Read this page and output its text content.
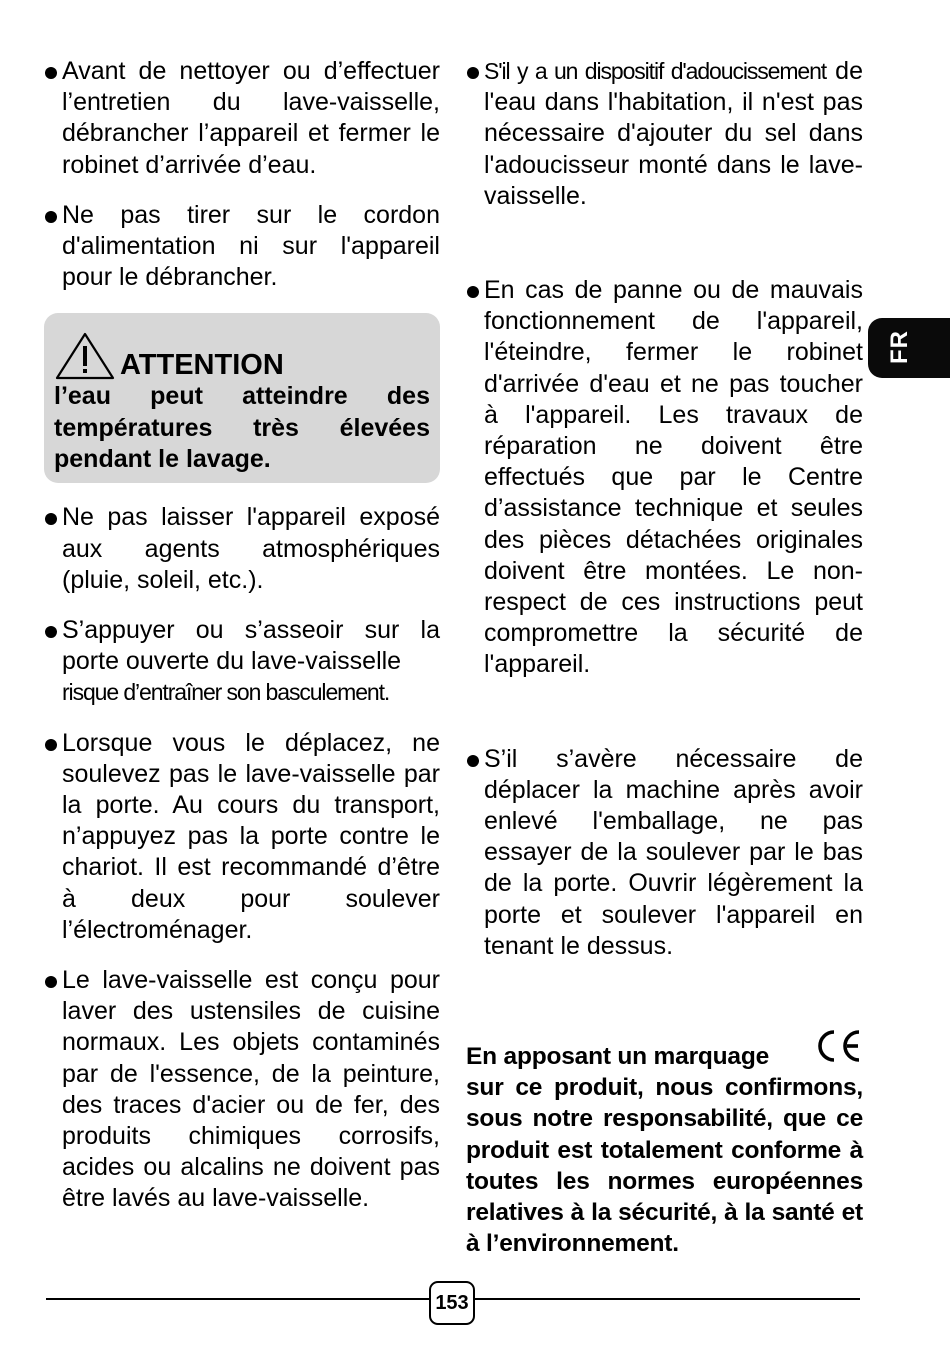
FR

Avant de nettoyer ou d’effectuer l’entretien du lave-vaisselle, débrancher l’appareil et fermer le robinet d’arrivée d’eau.

Ne pas tirer sur le cordon d'alimentation ni sur l'appareil pour le débrancher.

ATTENTION

l’eau peut atteindre des températures très élevées pendant le lavage.

Ne pas laisser l'appareil exposé aux agents atmosphériques (pluie, soleil, etc.).

S’appuyer ou s’asseoir sur la porte ouverte du lave-vaisselle
risque d’entraîner son basculement.

Lorsque vous le déplacez, ne soulevez pas le lave-vaisselle par la porte. Au cours du transport, n’appuyez pas la porte contre le chariot. Il est recommandé d’être à deux pour soulever l’électroménager.

Le lave-vaisselle est conçu pour laver des ustensiles de cuisine normaux. Les objets contaminés par de l'essence, de la peinture, des traces d'acier ou de fer, des produits chimiques corrosifs, acides ou alcalins ne doivent pas être lavés au lave-vaisselle.

S'il y a un dispositif d'adoucissement de l'eau dans l'habitation, il n'est pas nécessaire d'ajouter du sel dans l'adoucisseur monté dans le lave-vaisselle.

En cas de panne ou de mauvais fonctionnement de l'appareil, l'éteindre, fermer le robinet d'arrivée d'eau et ne pas toucher à l'appareil. Les travaux de réparation ne doivent être effectués que par le Centre d’assistance technique et seules des pièces détachées originales doivent être montées. Le non-respect de ces instructions peut compromettre la sécurité de l'appareil.

S’il s’avère nécessaire de déplacer la machine après avoir enlevé l'emballage, ne pas essayer de la soulever par le bas de la porte. Ouvrir légèrement la porte et soulever l'appareil en tenant le dessus.

En apposant un marquage

sur ce produit, nous confirmons, sous notre responsabilité, que ce produit est totalement conforme à toutes les normes européennes relatives à la sécurité, à la santé et à l’environnement.

153
